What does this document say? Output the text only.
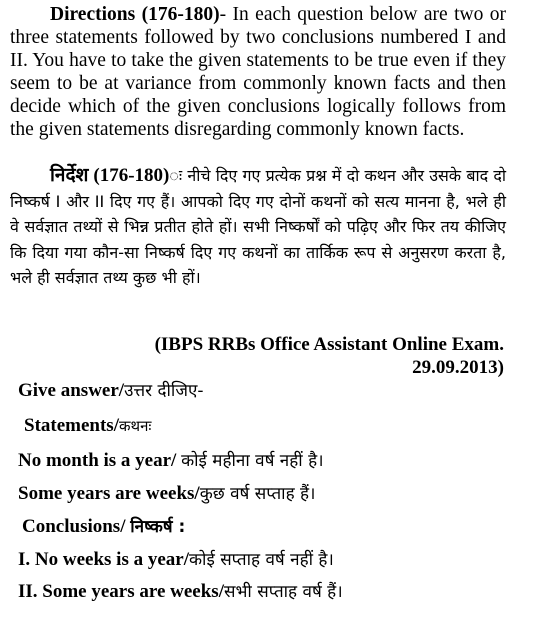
Directions (176-180)- In each question below are two or three statements followed by two conclusions numbered I and II. You have to take the given statements to be true even if they seem to be at variance from commonly known facts and then decide which of the given conclusions logically follows from the given statements disregarding commonly known facts.

निर्देश (176-180)ः नीचे दिए गए प्रत्येक प्रश्न में दो कथन और उसके बाद दो निष्कर्ष I और II दिए गए हैं। आपको दिए गए दोनों कथनों को सत्य मानना है, भले ही वे सर्वज्ञात तथ्यों से भिन्न प्रतीत होते हों। सभी निष्कर्षों को पढ़िए और फिर तय कीजिए कि दिया गया कौन-सा निष्कर्ष दिए गए कथनों का तार्किक रूप से अनुसरण करता है, भले ही सर्वज्ञात तथ्य कुछ भी हों।

(IBPS RRBs Office Assistant Online Exam.
29.09.2013)
Give answer/उत्तर दीजिए-
Statements/कथनः
No month is a year/ कोई महीना वर्ष नहीं है।
Some years are weeks/कुछ वर्ष सप्ताह हैं।
Conclusions/ निष्कर्ष :
I. No weeks is a year/कोई सप्ताह वर्ष नहीं है।
II. Some years are weeks/सभी सप्ताह वर्ष हैं।
